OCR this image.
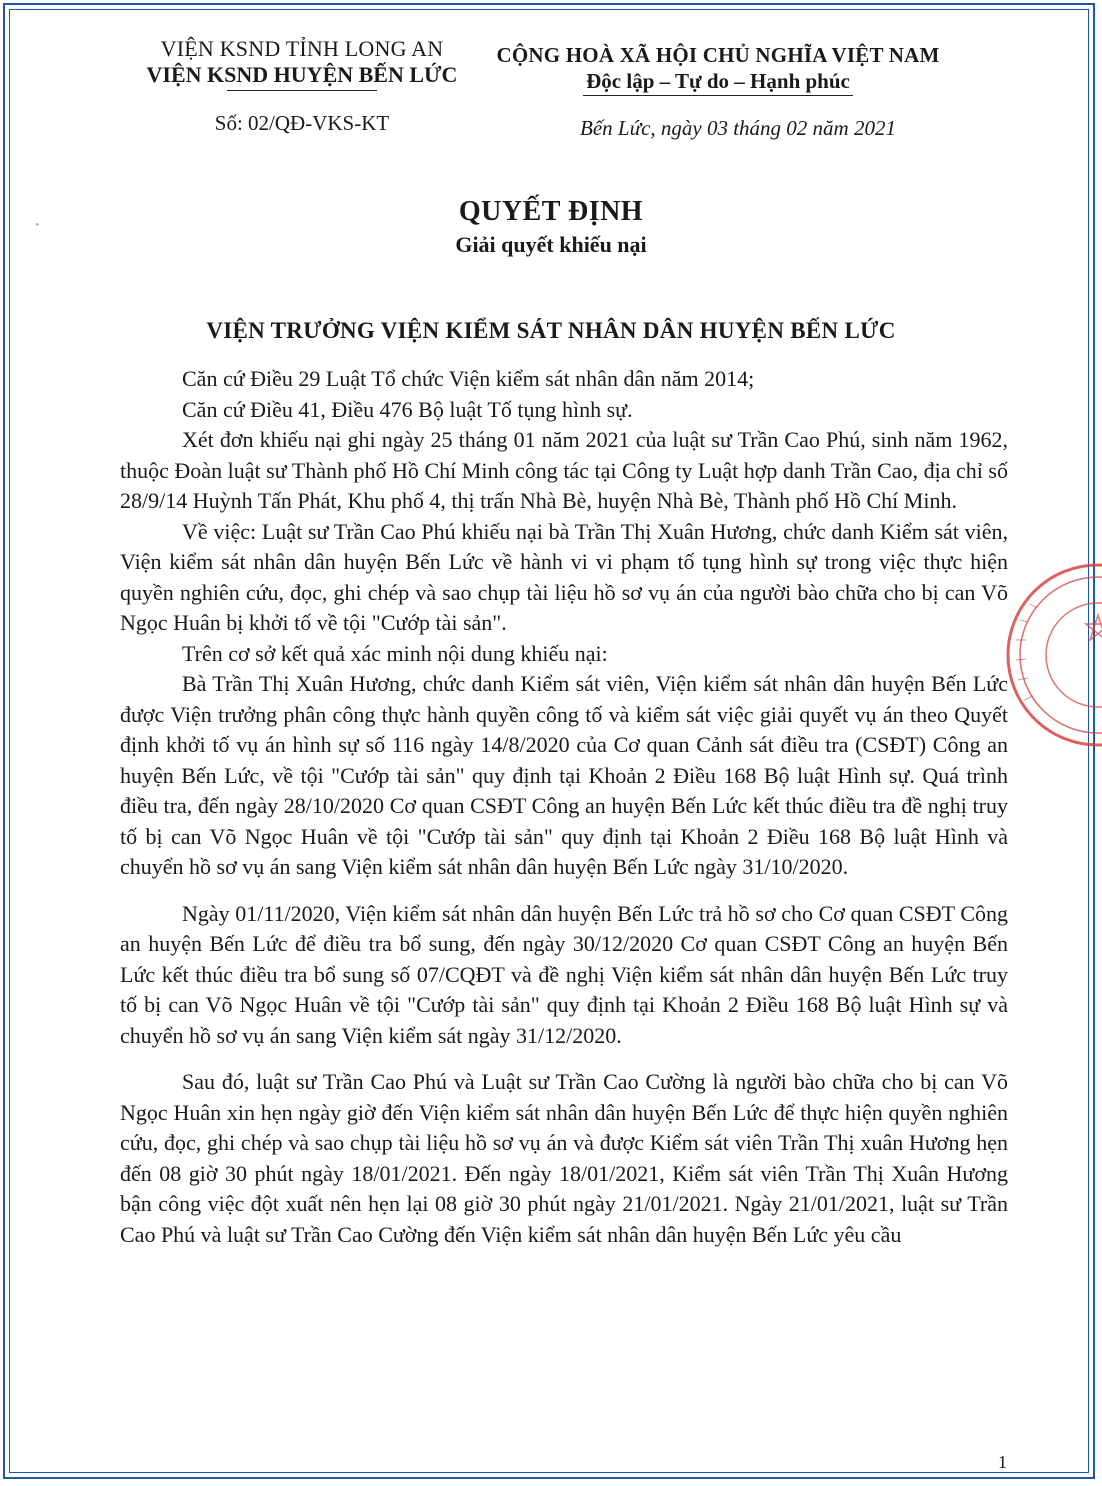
VIỆN KSND TỈNH LONG AN
VIỆN KSND HUYỆN BẾN LỨC
Số: 02/QĐ-VKS-KT
CỘNG HOÀ XÃ HỘI CHỦ NGHĨA VIỆT NAM
Độc lập – Tự do – Hạnh phúc
Bến Lức, ngày 03 tháng 02 năm 2021
·	QUYẾT ĐỊNH
Giải quyết khiếu nại
VIỆN TRƯỞNG VIỆN KIỂM SÁT NHÂN DÂN HUYỆN BẾN LỨC

Căn cứ Điều 29 Luật Tổ chức Viện kiểm sát nhân dân năm 2014;

Căn cứ Điều 41, Điều 476 Bộ luật Tố tụng hình sự.

Xét đơn khiếu nại ghi ngày 25 tháng 01 năm 2021 của luật sư Trần Cao Phú, sinh năm 1962, thuộc Đoàn luật sư Thành phố Hồ Chí Minh công tác tại Công ty Luật hợp danh Trần Cao, địa chỉ số 28/9/14 Huỳnh Tấn Phát, Khu phố 4, thị trấn Nhà Bè, huyện Nhà Bè, Thành phố Hồ Chí Minh.

Về việc: Luật sư Trần Cao Phú khiếu nại bà Trần Thị Xuân Hương, chức danh Kiểm sát viên, Viện kiểm sát nhân dân huyện Bến Lức về hành vi vi phạm tố tụng hình sự trong việc thực hiện quyền nghiên cứu, đọc, ghi chép và sao chụp tài liệu hồ sơ vụ án của người bào chữa cho bị can Võ Ngọc Huân bị khởi tố về tội "Cướp tài sản".

Trên cơ sở kết quả xác minh nội dung khiếu nại:

Bà Trần Thị Xuân Hương, chức danh Kiểm sát viên, Viện kiểm sát nhân dân huyện Bến Lức được Viện trưởng phân công thực hành quyền công tố và kiểm sát việc giải quyết vụ án theo Quyết định khởi tố vụ án hình sự số 116 ngày 14/8/2020 của Cơ quan Cảnh sát điều tra (CSĐT) Công an huyện Bến Lức, về tội "Cướp tài sản" quy định tại Khoản 2 Điều 168 Bộ luật Hình sự. Quá trình điều tra, đến ngày 28/10/2020 Cơ quan CSĐT Công an huyện Bến Lức kết thúc điều tra đề nghị truy tố bị can Võ Ngọc Huân về tội "Cướp tài sản" quy định tại Khoản 2 Điều 168 Bộ luật Hình và chuyển hồ sơ vụ án sang Viện kiểm sát nhân dân huyện Bến Lức ngày 31/10/2020.

Ngày 01/11/2020, Viện kiểm sát nhân dân huyện Bến Lức trả hồ sơ cho Cơ quan CSĐT Công an huyện Bến Lức để điều tra bổ sung, đến ngày 30/12/2020 Cơ quan CSĐT Công an huyện Bến Lức kết thúc điều tra bổ sung số 07/CQĐT và đề nghị Viện kiểm sát nhân dân huyện Bến Lức truy tố bị can Võ Ngọc Huân về tội "Cướp tài sản" quy định tại Khoản 2 Điều 168 Bộ luật Hình sự và chuyển hồ sơ vụ án sang Viện kiểm sát ngày 31/12/2020.

Sau đó, luật sư Trần Cao Phú và Luật sư Trần Cao Cường là người bào chữa cho bị can Võ Ngọc Huân xin hẹn ngày giờ đến Viện kiểm sát nhân dân huyện Bến Lức để thực hiện quyền nghiên cứu, đọc, ghi chép và sao chụp tài liệu hồ sơ vụ án và được Kiểm sát viên Trần Thị xuân Hương hẹn đến 08 giờ 30 phút ngày 18/01/2021. Đến ngày 18/01/2021, Kiểm sát viên Trần Thị Xuân Hương bận công việc đột xuất nên hẹn lại 08 giờ 30 phút ngày 21/01/2021. Ngày 21/01/2021, luật sư Trần Cao Phú và luật sư Trần Cao Cường đến Viện kiểm sát nhân dân huyện Bến Lức yêu cầu

1
